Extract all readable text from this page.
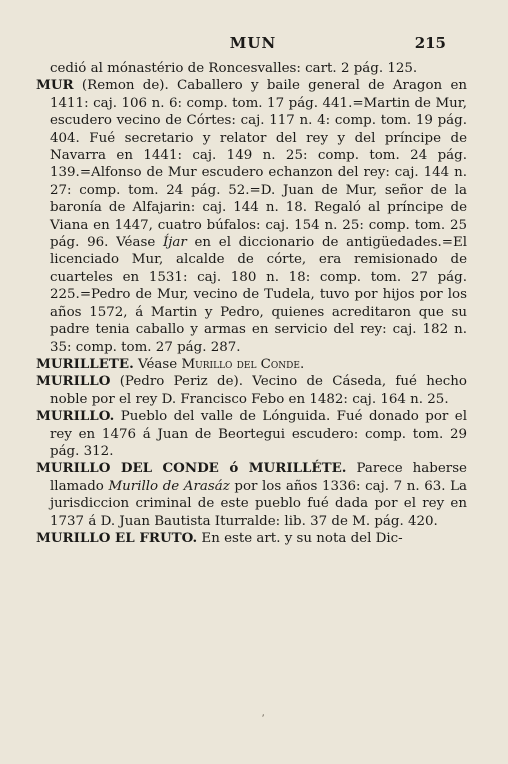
MUN	215

cedió al mónastério de Roncesvalles: cart. 2 pág. 125.

MUR (Remon de). Caballero y baile general de Aragon en 1411: caj. 106 n. 6: comp. tom. 17 pág. 441.=Martin de Mur, escudero vecino de Córtes: caj. 117 n. 4: comp. tom. 19 pág. 404. Fué secretario y relator del rey y del príncipe de Navarra en 1441: caj. 149 n. 25: comp. tom. 24 pág. 139.=Alfonso de Mur escudero echanzon del rey: caj. 144 n. 27: comp. tom. 24 pág. 52.=D. Juan de Mur, señor de la baronía de Alfajarin: caj. 144 n. 18. Regaló al príncipe de Viana en 1447, cuatro búfalos: caj. 154 n. 25: comp. tom. 25 pág. 96. Véase Íjar en el diccionario de antigüedades.=El licenciado Mur, alcalde de córte, era remisionado de cuarteles en 1531: caj. 180 n. 18: comp. tom. 27 pág. 225.=Pedro de Mur, vecino de Tudela, tuvo por hijos por los años 1572, á Martin y Pedro, quienes acreditaron que su padre tenia caballo y armas en servicio del rey: caj. 182 n. 35: comp. tom. 27 pág. 287.

MURILLETE. Véase Murillo del Conde.

MURILLO (Pedro Periz de). Vecino de Cáseda, fué hecho noble por el rey D. Francisco Febo en 1482: caj. 164 n. 25.

MURILLO. Pueblo del valle de Lónguida. Fué donado por el rey en 1476 á Juan de Beortegui escudero: comp. tom. 29 pág. 312.

MURILLO DEL CONDE ó MURILLÉTE. Parece haberse llamado Murillo de Arasáz por los años 1336: caj. 7 n. 63. La jurisdiccion criminal de este pueblo fué dada por el rey en 1737 á D. Juan Bautista Iturralde: lib. 37 de M. pág. 420.

MURILLO EL FRUTO. En este art. y su nota del Dic-

⸴
